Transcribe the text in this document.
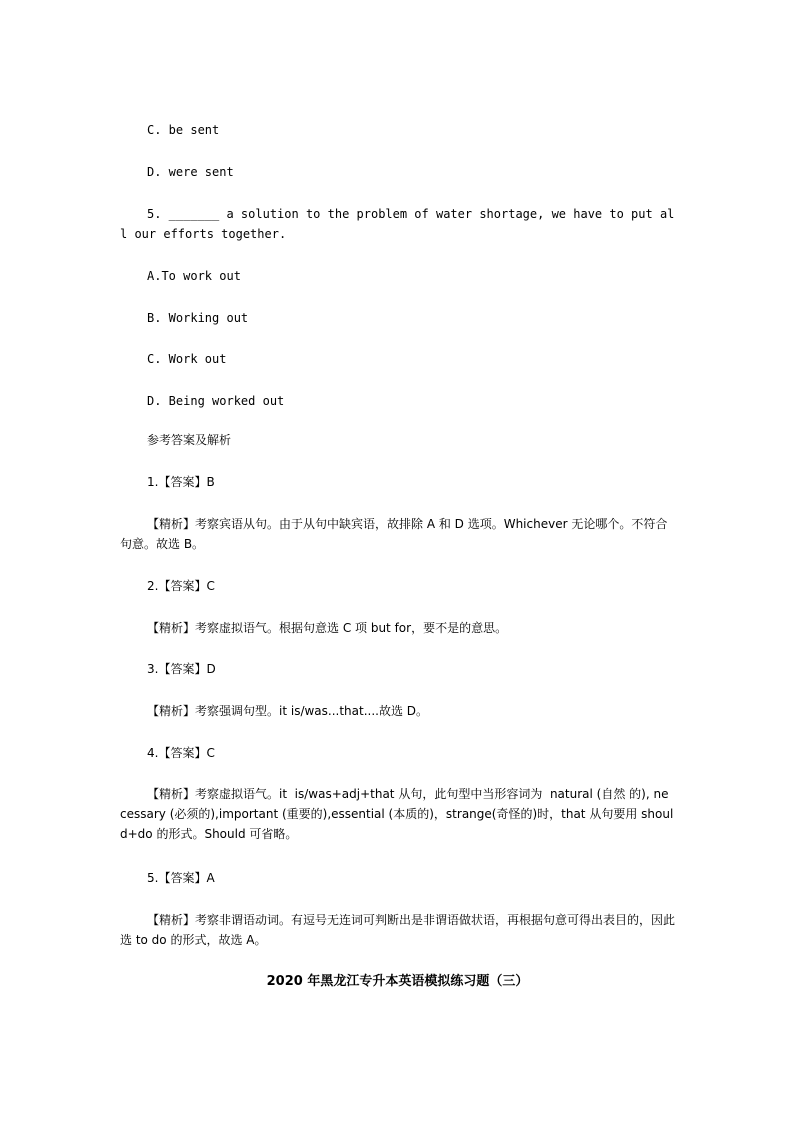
C. be sent
D. were sent
5. _______ a solution to the problem of water shortage, we have to put all our efforts together.
A.To work out
B. Working out
C. Work out
D. Being worked out
参考答案及解析
1.【答案】B
【精析】考察宾语从句。由于从句中缺宾语，故排除 A 和 D 选项。Whichever 无论哪个。不符合句意。故选 B。
2.【答案】C
【精析】考察虚拟语气。根据句意选 C 项 but for，要不是的意思。
3.【答案】D
【精析】考察强调句型。it is/was...that....故选 D。
4.【答案】C
【精析】考察虚拟语气。it  is/was+adj+that 从句，此句型中当形容词为  natural (自然 的), necessary (必须的),important (重要的),essential (本质的)，strange(奇怪的)时，that 从句要用 should+do 的形式。Should 可省略。
5.【答案】A
【精析】考察非谓语动词。有逗号无连词可判断出是非谓语做状语，再根据句意可得出表目的，因此选 to do 的形式，故选 A。
2020 年黑龙江专升本英语模拟练习题（三）
